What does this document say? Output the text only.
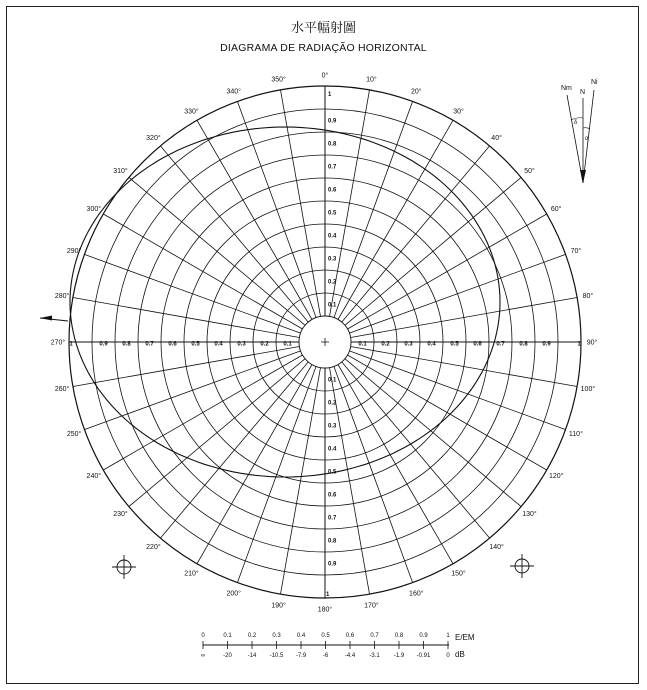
水平幅射圖
DIAGRAMA DE RADIAÇÃO HORIZONTAL
0°
10°
20°
30°
40°
50°
60°
70°
80°
90°
100°
110°
120°
130°
140°
150°
160°
170°
180°
190°
200°
210°
220°
230°
240°
250°
260°
270°
280°
290°
300°
310°
320°
330°
340°
350°
0.1
0.1
0.1
0.1
0.2
0.2
0.2
0.2
0.3
0.3
0.3
0.3
0.4
0.4
0.4
0.4
0.5
0.5
0.5
0.5
0.6
0.6
0.6
0.6
0.7
0.7
0.7
0.7
0.8
0.8
0.8
0.8
0.9
0.9
0.9
0.9
1
1
1
1
Nm
N
Ni
δ
α
E/EM
dB
0
∞
0.1
-20
0.2
-14
0.3
-10.5
0.4
-7.9
0.5
-6
0.6
-4.4
0.7
-3.1
0.8
-1.9
0.9
-0.91
1
0
